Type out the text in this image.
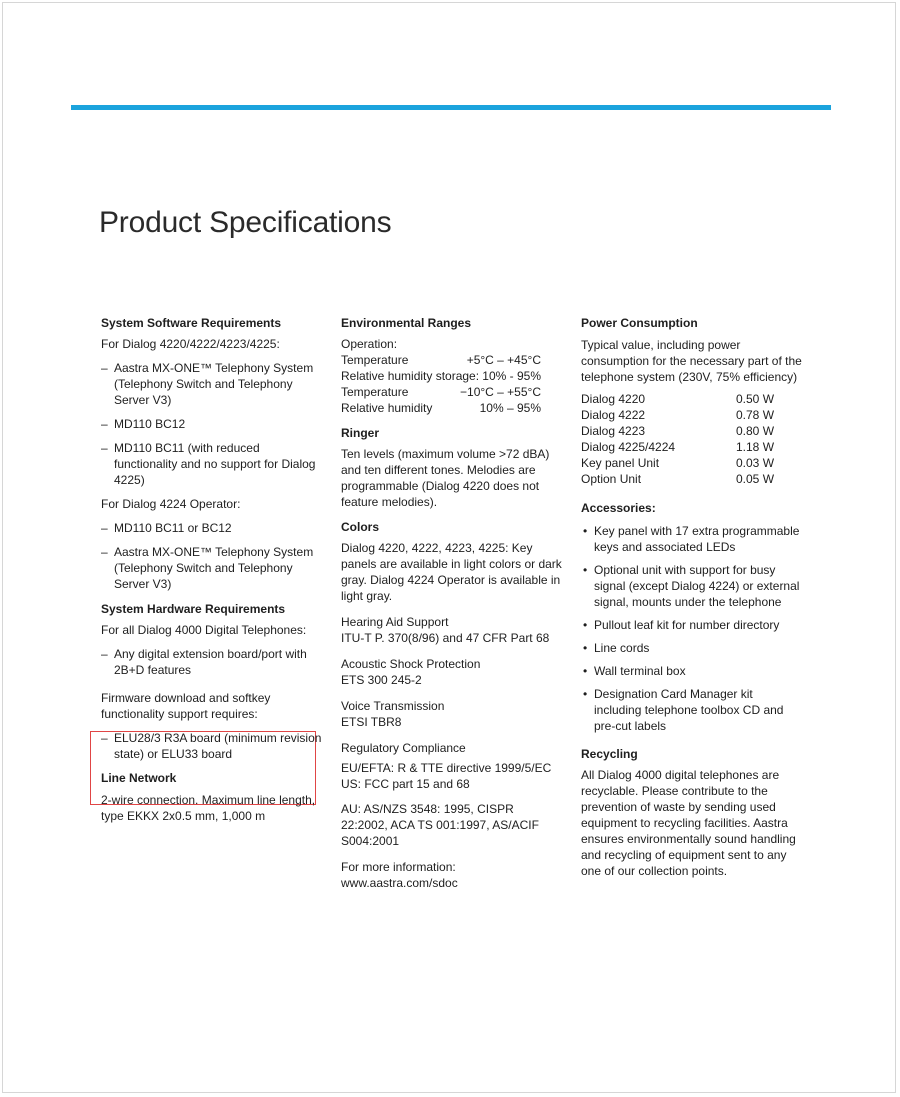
Product Specifications
System Software Requirements
For Dialog 4220/4222/4223/4225:
– Aastra MX-ONE™ Telephony System (Telephony Switch and Telephony Server V3)
– MD110 BC12
– MD110 BC11 (with reduced functionality and no support for Dialog 4225)
For Dialog 4224 Operator:
– MD110 BC11 or BC12
– Aastra MX-ONE™ Telephony System (Telephony Switch and Telephony Server V3)
System Hardware Requirements
For all Dialog 4000 Digital Telephones:
– Any digital extension board/port with 2B+D features
Firmware download and softkey functionality support requires:
– ELU28/3 R3A board (minimum revision state) or ELU33 board
Line Network
2-wire connection. Maximum line length, type EKKX 2x0.5 mm, 1,000 m
Environmental Ranges
Operation:
Temperature	+5°C – +45°C
Relative humidity storage: 10% - 95%
Temperature	−10°C – +55°C
Relative humidity	10% – 95%
Ringer
Ten levels (maximum volume >72 dBA) and ten different tones. Melodies are programmable (Dialog 4220 does not feature melodies).
Colors
Dialog 4220, 4222, 4223, 4225: Key panels are available in light colors or dark gray. Dialog 4224 Operator is available in light gray.
Hearing Aid Support
ITU-T P. 370(8/96) and 47 CFR Part 68
Acoustic Shock Protection
ETS 300 245-2
Voice Transmission
ETSI TBR8
Regulatory Compliance
EU/EFTA: R & TTE directive 1999/5/EC
US: FCC part 15 and 68
AU: AS/NZS 3548: 1995, CISPR 22:2002, ACA TS 001:1997, AS/ACIF S004:2001
For more information:
www.aastra.com/sdoc
Power Consumption
Typical value, including power consumption for the necessary part of the telephone system (230V, 75% efficiency)
Dialog 4220	0.50 W
Dialog 4222	0.78 W
Dialog 4223	0.80 W
Dialog 4225/4224	1.18 W
Key panel Unit	0.03 W
Option Unit	0.05 W
Accessories:
• Key panel with 17 extra programmable keys and associated LEDs
• Optional unit with support for busy signal (except Dialog 4224) or external signal, mounts under the telephone
• Pullout leaf kit for number directory
• Line cords
• Wall terminal box
• Designation Card Manager kit including telephone toolbox CD and pre-cut labels
Recycling
All Dialog 4000 digital telephones are recyclable. Please contribute to the prevention of waste by sending used equipment to recycling facilities. Aastra ensures environmentally sound handling and recycling of equipment sent to any one of our collection points.
